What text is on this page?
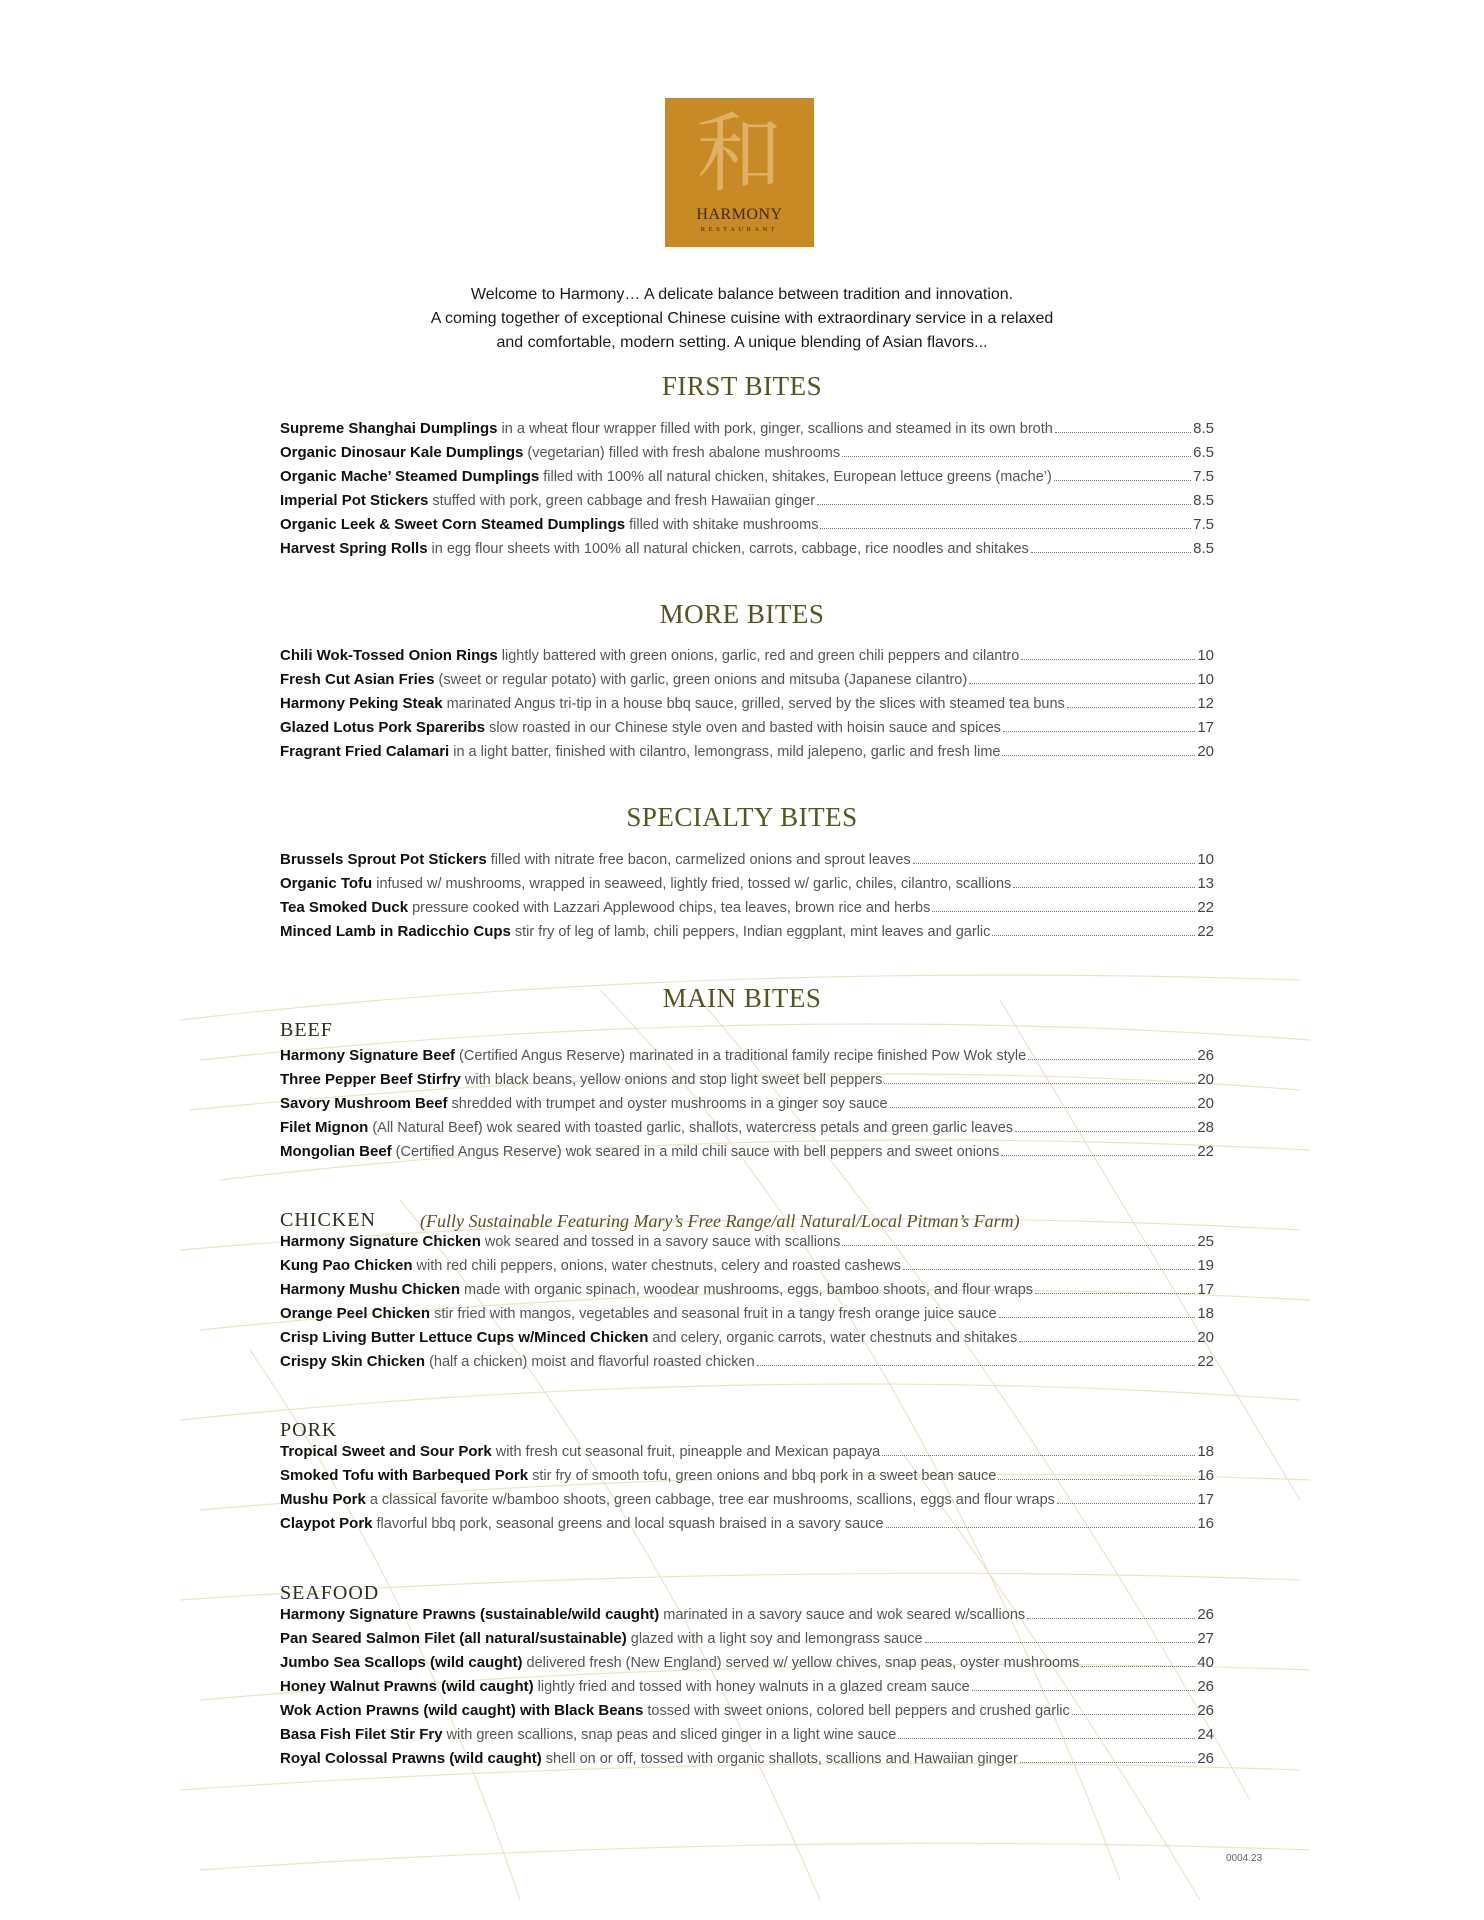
和
HARMONY
RESTAURANT
Welcome to Harmony… A delicate balance between tradition and innovation.
A coming together of exceptional Chinese cuisine with extraordinary service in a relaxed
and comfortable, modern setting. A unique blending of Asian flavors...
FIRST BITES
Supreme Shanghai Dumplings in a wheat flour wrapper filled with pork, ginger, scallions and steamed in its own broth	8.5
Organic Dinosaur Kale Dumplings (vegetarian) filled with fresh abalone mushrooms	6.5
Organic Mache’ Steamed Dumplings filled with 100% all natural chicken, shitakes, European lettuce greens (mache’)	7.5
Imperial Pot Stickers stuffed with pork, green cabbage and fresh Hawaiian ginger	8.5
Organic Leek & Sweet Corn Steamed Dumplings filled with shitake mushrooms	7.5
Harvest Spring Rolls in egg flour sheets with 100% all natural chicken, carrots, cabbage, rice noodles and shitakes	8.5
MORE BITES
Chili Wok-Tossed Onion Rings lightly battered with green onions, garlic, red and green chili peppers and cilantro	10
Fresh Cut Asian Fries (sweet or regular potato) with garlic, green onions and mitsuba (Japanese cilantro)	10
Harmony Peking Steak marinated Angus tri-tip in a house bbq sauce, grilled, served by the slices with steamed tea buns	12
Glazed Lotus Pork Spareribs slow roasted in our Chinese style oven and basted with hoisin sauce and spices	17
Fragrant Fried Calamari in a light batter, finished with cilantro, lemongrass, mild jalepeno, garlic and fresh lime	20
SPECIALTY BITES
Brussels Sprout Pot Stickers filled with nitrate free bacon, carmelized onions and sprout leaves	10
Organic Tofu infused w/ mushrooms, wrapped in seaweed, lightly fried, tossed w/ garlic, chiles, cilantro, scallions	13
Tea Smoked Duck pressure cooked with Lazzari Applewood chips, tea leaves, brown rice and herbs	22
Minced Lamb in Radicchio Cups stir fry of leg of lamb, chili peppers, Indian eggplant, mint leaves and garlic	22
MAIN BITES
BEEF
Harmony Signature Beef (Certified Angus Reserve) marinated in a traditional family recipe finished Pow Wok style	26
Three Pepper Beef Stirfry with black beans, yellow onions and stop light sweet bell peppers	20
Savory Mushroom Beef shredded with trumpet and oyster mushrooms in a ginger soy sauce	20
Filet Mignon (All Natural Beef) wok seared with toasted garlic, shallots, watercress petals and green garlic leaves	28
Mongolian Beef (Certified Angus Reserve) wok seared in a mild chili sauce with bell peppers and sweet onions	22
CHICKEN (Fully Sustainable Featuring Mary’s Free Range/all Natural/Local Pitman’s Farm)
Harmony Signature Chicken wok seared and tossed in a savory sauce with scallions	25
Kung Pao Chicken with red chili peppers, onions, water chestnuts, celery and roasted cashews	19
Harmony Mushu Chicken made with organic spinach, woodear mushrooms, eggs, bamboo shoots, and flour wraps	17
Orange Peel Chicken stir fried with mangos, vegetables and seasonal fruit in a tangy fresh orange juice sauce	18
Crisp Living Butter Lettuce Cups w/Minced Chicken and celery, organic carrots, water chestnuts and shitakes	20
Crispy Skin Chicken (half a chicken) moist and flavorful roasted chicken	22
PORK
Tropical Sweet and Sour Pork with fresh cut seasonal fruit, pineapple and Mexican papaya	18
Smoked Tofu with Barbequed Pork stir fry of smooth tofu, green onions and bbq pork in a sweet bean sauce	16
Mushu Pork a classical favorite w/bamboo shoots, green cabbage, tree ear mushrooms, scallions, eggs and flour wraps	17
Claypot Pork flavorful bbq pork, seasonal greens and local squash braised in a savory sauce	16
SEAFOOD
Harmony Signature Prawns (sustainable/wild caught) marinated in a savory sauce and wok seared w/scallions	26
Pan Seared Salmon Filet (all natural/sustainable) glazed with a light soy and lemongrass sauce	27
Jumbo Sea Scallops (wild caught) delivered fresh (New England) served w/ yellow chives, snap peas, oyster mushrooms	40
Honey Walnut Prawns (wild caught) lightly fried and tossed with honey walnuts in a glazed cream sauce	26
Wok Action Prawns (wild caught) with Black Beans tossed with sweet onions, colored bell peppers and crushed garlic	26
Basa Fish Filet Stir Fry with green scallions, snap peas and sliced ginger in a light wine sauce	24
Royal Colossal Prawns (wild caught) shell on or off, tossed with organic shallots, scallions and Hawaiian ginger	26
0004.23
